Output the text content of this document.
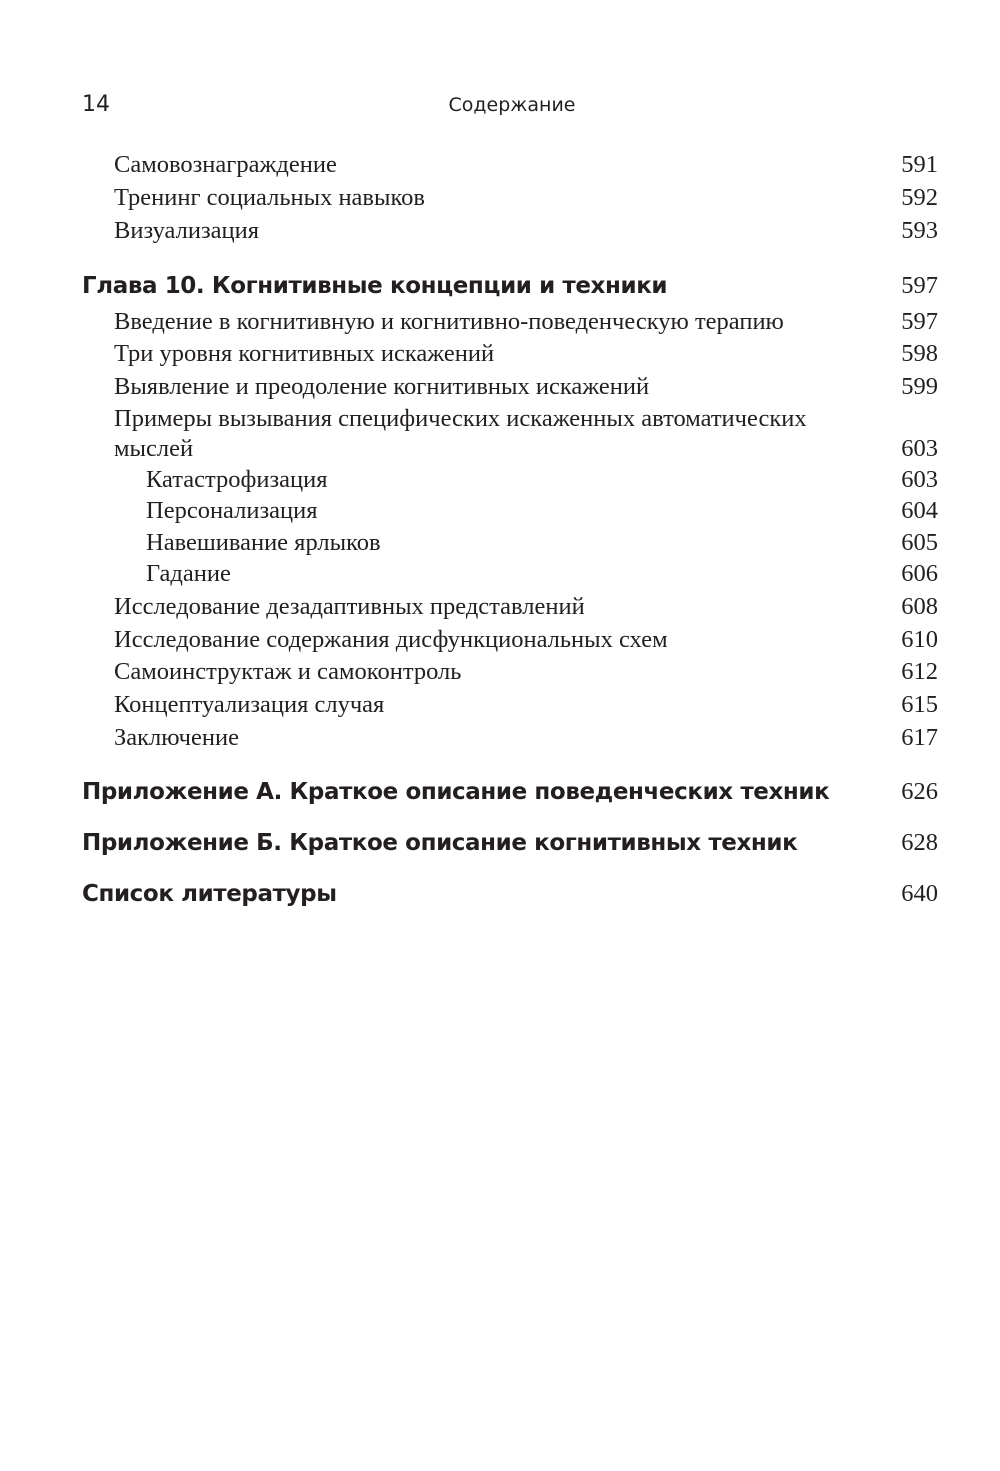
14	Содержание
Самовознаграждение	591
Тренинг социальных навыков	592
Визуализация	593
Глава 10. Когнитивные концепции и техники	597
Введение в когнитивную и когнитивно-поведенческую терапию	597
Три уровня когнитивных искажений	598
Выявление и преодоление когнитивных искажений	599
Примеры вызывания специфических искаженных автоматических мыслей	603
Катастрофизация	603
Персонализация	604
Навешивание ярлыков	605
Гадание	606
Исследование дезадаптивных представлений	608
Исследование содержания дисфункциональных схем	610
Самоинструктаж и самоконтроль	612
Концептуализация случая	615
Заключение	617
Приложение А. Краткое описание поведенческих техник	626
Приложение Б. Краткое описание когнитивных техник	628
Список литературы	640
